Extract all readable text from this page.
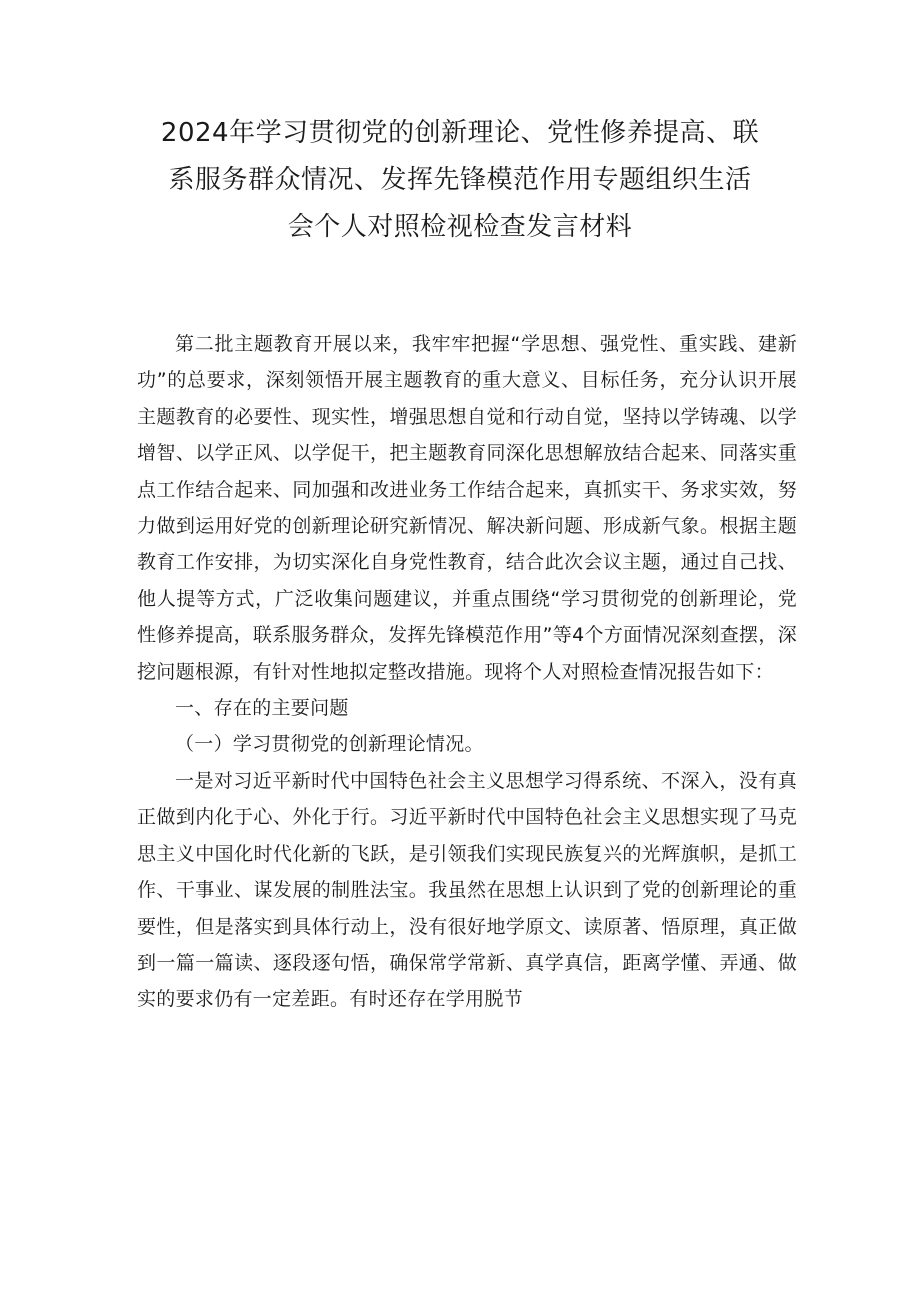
2024年学习贯彻党的创新理论、党性修养提高、联
系服务群众情况、发挥先锋模范作用专题组织生活
会个人对照检视检查发言材料

第二批主题教育开展以来，我牢牢把握“学思想、强党性、重实践、建新功”的总要求，深刻领悟开展主题教育的重大意义、目标任务，充分认识开展主题教育的必要性、现实性，增强思想自觉和行动自觉，坚持以学铸魂、以学增智、以学正风、以学促干，把主题教育同深化思想解放结合起来、同落实重点工作结合起来、同加强和改进业务工作结合起来，真抓实干、务求实效，努力做到运用好党的创新理论研究新情况、解决新问题、形成新气象。根据主题教育工作安排，为切实深化自身党性教育，结合此次会议主题，通过自己找、他人提等方式，广泛收集问题建议，并重点围绕“学习贯彻党的创新理论，党性修养提高，联系服务群众，发挥先锋模范作用”等4个方面情况深刻查摆，深挖问题根源，有针对性地拟定整改措施。现将个人对照检查情况报告如下：

一、存在的主要问题

（一）学习贯彻党的创新理论情况。

一是对习近平新时代中国特色社会主义思想学习得系统、不深入，没有真正做到内化于心、外化于行。习近平新时代中国特色社会主义思想实现了马克思主义中国化时代化新的飞跃，是引领我们实现民族复兴的光辉旗帜，是抓工作、干事业、谋发展的制胜法宝。我虽然在思想上认识到了党的创新理论的重要性，但是落实到具体行动上，没有很好地学原文、读原著、悟原理，真正做到一篇一篇读、逐段逐句悟，确保常学常新、真学真信，距离学懂、弄通、做实的要求仍有一定差距。有时还存在学用脱节
